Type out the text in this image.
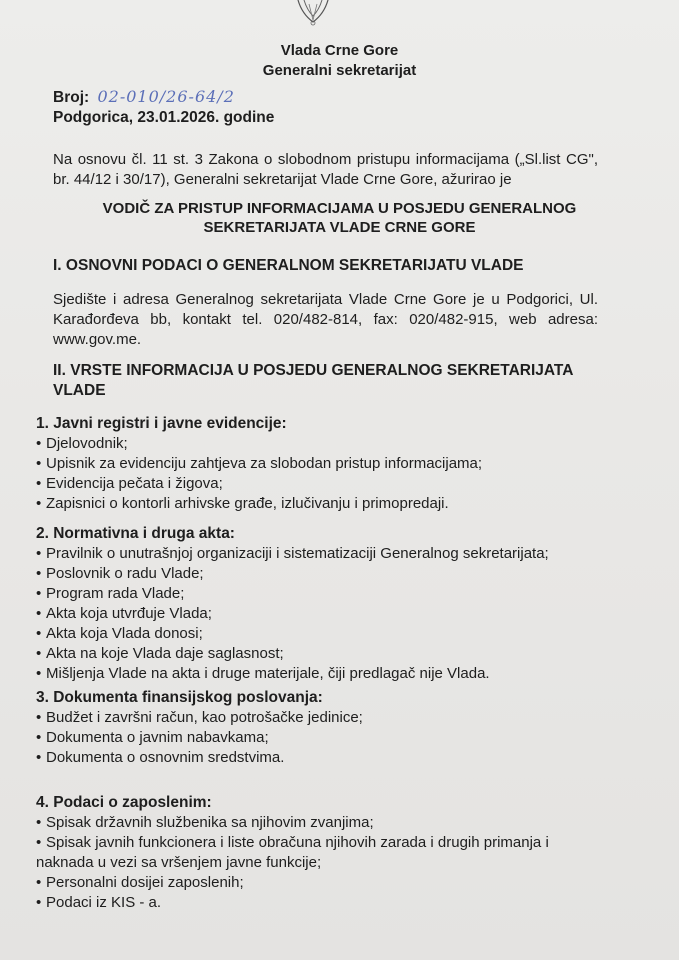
Vlada Crne Gore
Generalni sekretarijat
Broj: 02-010/26-64/2
Podgorica, 23.01.2026. godine
Na osnovu čl. 11 st. 3 Zakona o slobodnom pristupu informacijama („Sl.list CG", br. 44/12 i 30/17), Generalni sekretarijat Vlade Crne Gore, ažurirao je
VODIČ ZA PRISTUP INFORMACIJAMA U POSJEDU GENERALNOG
SEKRETARIJATA VLADE CRNE GORE
I. OSNOVNI PODACI O GENERALNOM SEKRETARIJATU VLADE
Sjedište i adresa Generalnog sekretarijata Vlade Crne Gore je u Podgorici, Ul. Karađorđeva bb, kontakt tel. 020/482-814, fax: 020/482-915, web adresa: www.gov.me.
II. VRSTE INFORMACIJA U POSJEDU GENERALNOG SEKRETARIJATA VLADE
1. Javni registri i javne evidencije:
• Djelovodnik;
• Upisnik za evidenciju zahtjeva za slobodan pristup informacijama;
• Evidencija pečata i žigova;
• Zapisnici o kontorli arhivske građe, izlučivanju i primopredaji.
2. Normativna i druga akta:
• Pravilnik o unutrašnjoj organizaciji i sistematizaciji Generalnog sekretarijata;
• Poslovnik o radu Vlade;
• Program rada Vlade;
• Akta koja utvrđuje Vlada;
• Akta koja Vlada donosi;
• Akta na koje Vlada daje saglasnost;
• Mišljenja Vlade na akta i druge materijale, čiji predlagač nije Vlada.
3. Dokumenta finansijskog poslovanja:
• Budžet i završni račun, kao potrošačke jedinice;
• Dokumenta o javnim nabavkama;
• Dokumenta o osnovnim sredstvima.
4. Podaci o zaposlenim:
• Spisak državnih službenika sa njihovim zvanjima;
• Spisak javnih funkcionera i liste obračuna njihovih zarada i drugih primanja i
naknada u vezi sa vršenjem javne funkcije;
• Personalni dosijei zaposlenih;
• Podaci iz KIS - a.
